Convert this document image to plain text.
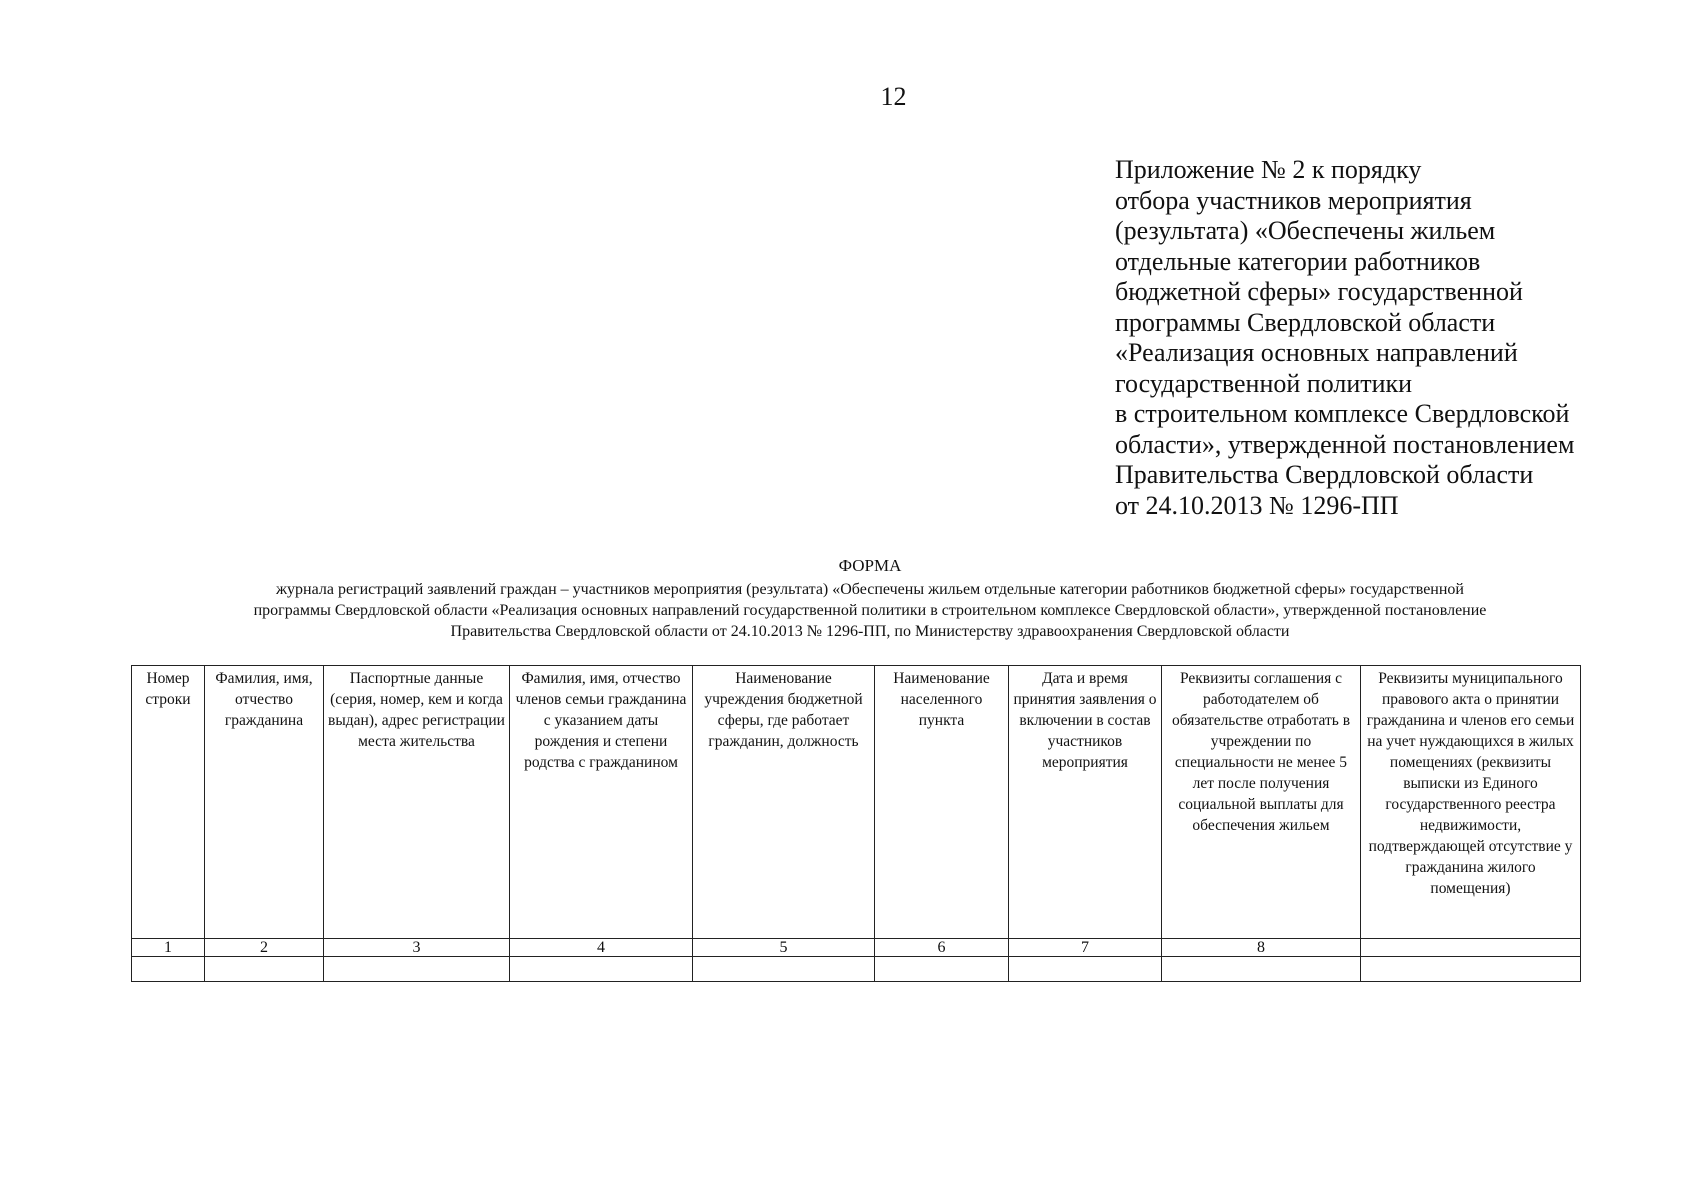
12
Приложение № 2 к порядку
отбора участников мероприятия
(результата) «Обеспечены жильем
отдельные категории работников
бюджетной сферы» государственной
программы Свердловской области
«Реализация основных направлений
государственной политики
в строительном комплексе Свердловской
области», утвержденной постановлением
Правительства Свердловской области
от 24.10.2013 № 1296-ПП
ФОРМА
журнала регистраций заявлений граждан – участников мероприятия (результата) «Обеспечены жильем отдельные категории работников бюджетной сферы» государственной
программы Свердловской области «Реализация основных направлений государственной политики в строительном комплексе Свердловской области», утвержденной постановление
Правительства Свердловской области от 24.10.2013 № 1296-ПП, по Министерству здравоохранения Свердловской области
Номер строки	Фамилия, имя, отчество гражданина	Паспортные данные (серия, номер, кем и когда выдан), адрес регистрации места жительства	Фамилия, имя, отчество членов семьи гражданина с указанием даты рождения и степени родства с гражданином	Наименование учреждения бюджетной сферы, где работает гражданин, должность	Наименование населенного пункта	Дата и время принятия заявления о включении в состав участников мероприятия	Реквизиты соглашения с работодателем об обязательстве отработать в учреждении по специальности не менее 5 лет после получения социальной выплаты для обеспечения жильем	Реквизиты муниципального правового акта о принятии гражданина и членов его семьи на учет нуждающихся в жилых помещениях (реквизиты выписки из Единого государственного реестра недвижимости, подтверждающей отсутствие у гражданина жилого помещения)
1	2	3	4	5	6	7	8	
